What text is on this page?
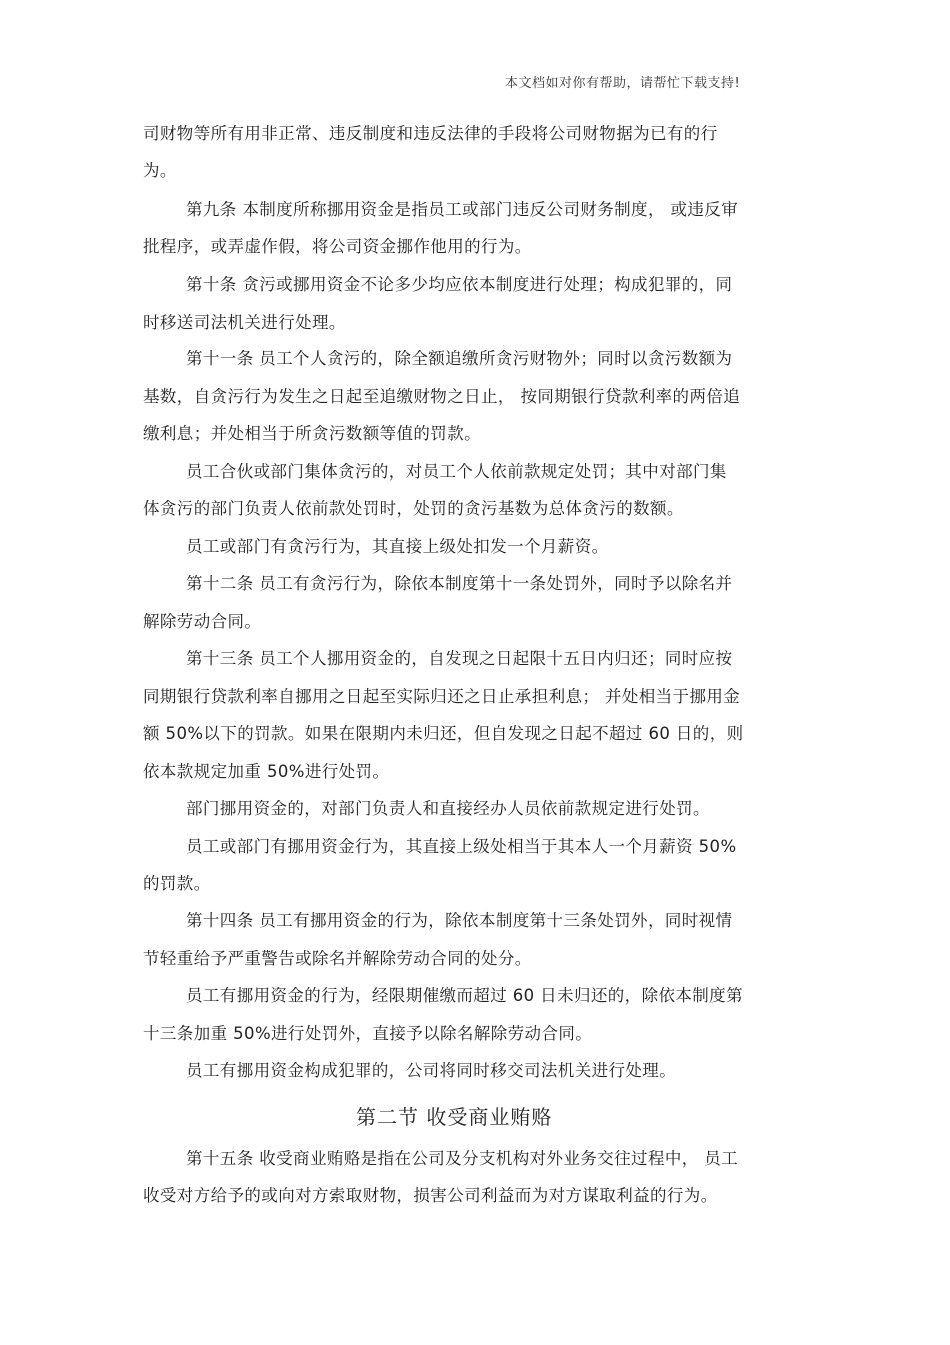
本文档如对你有帮助，请帮忙下载支持!
司财物等所有用非正常、违反制度和违反法律的手段将公司财物据为已有的行
为。
第九条 本制度所称挪用资金是指员工或部门违反公司财务制度， 或违反审
批程序，或弄虚作假，将公司资金挪作他用的行为。
第十条 贪污或挪用资金不论多少均应依本制度进行处理；构成犯罪的，同
时移送司法机关进行处理。
第十一条 员工个人贪污的，除全额追缴所贪污财物外；同时以贪污数额为
基数，自贪污行为发生之日起至追缴财物之日止， 按同期银行贷款利率的两倍追
缴利息；并处相当于所贪污数额等值的罚款。
员工合伙或部门集体贪污的，对员工个人依前款规定处罚；其中对部门集
体贪污的部门负责人依前款处罚时，处罚的贪污基数为总体贪污的数额。
员工或部门有贪污行为，其直接上级处扣发一个月薪资。
第十二条 员工有贪污行为，除依本制度第十一条处罚外，同时予以除名并
解除劳动合同。
第十三条 员工个人挪用资金的，自发现之日起限十五日内归还；同时应按
同期银行贷款利率自挪用之日起至实际归还之日止承担利息； 并处相当于挪用金
额 50%以下的罚款。如果在限期内未归还，但自发现之日起不超过 60 日的，则
依本款规定加重 50%进行处罚。
部门挪用资金的，对部门负责人和直接经办人员依前款规定进行处罚。
员工或部门有挪用资金行为，其直接上级处相当于其本人一个月薪资 50%
的罚款。
第十四条 员工有挪用资金的行为，除依本制度第十三条处罚外，同时视情
节轻重给予严重警告或除名并解除劳动合同的处分。
员工有挪用资金的行为，经限期催缴而超过 60 日未归还的，除依本制度第
十三条加重 50%进行处罚外，直接予以除名解除劳动合同。
员工有挪用资金构成犯罪的，公司将同时移交司法机关进行处理。
第二节 收受商业贿赂
第十五条 收受商业贿赂是指在公司及分支机构对外业务交往过程中， 员工
收受对方给予的或向对方索取财物，损害公司利益而为对方谋取利益的行为。
